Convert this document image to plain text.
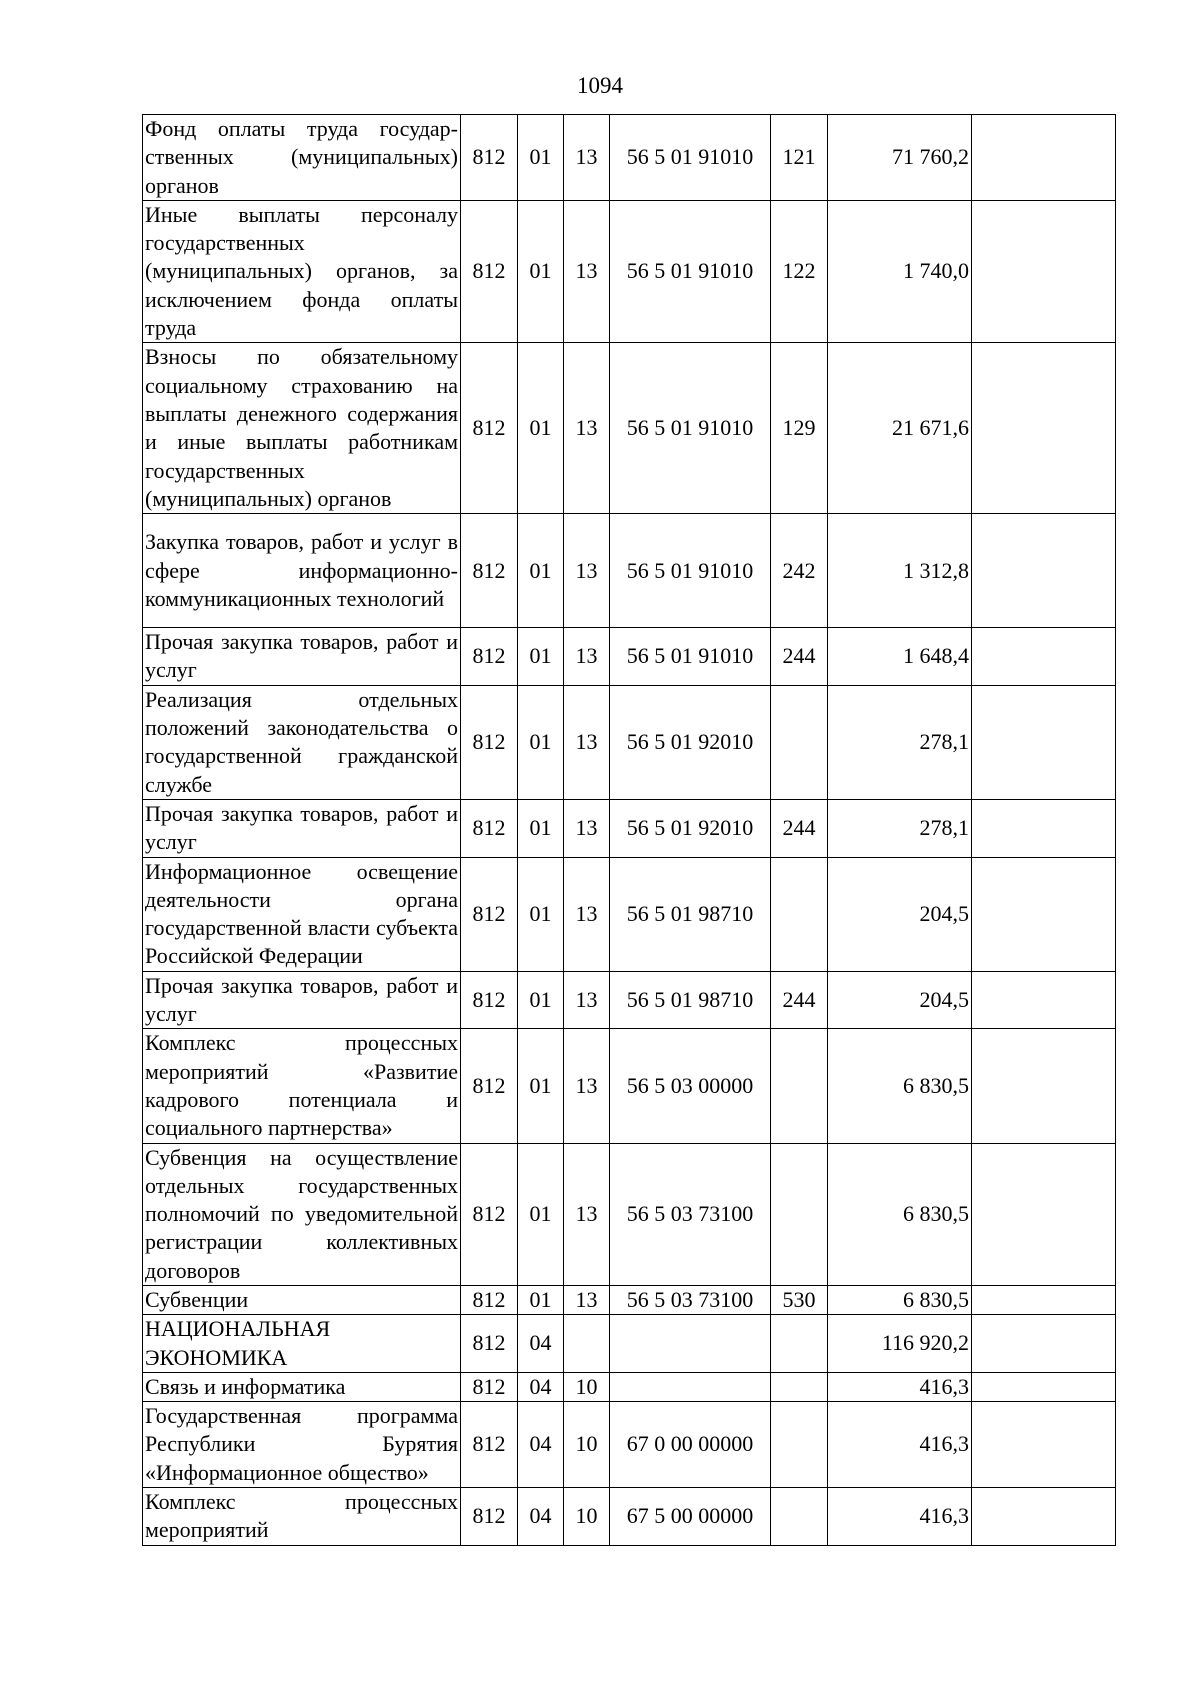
1094
Фонд оплаты труда государ-ственных (муниципальных) органов	812	01	13	56 5 01 91010	121	71 760,2	
Иные выплаты персоналу государственных (муниципальных) органов, за исключением фонда оплаты труда	812	01	13	56 5 01 91010	122	1 740,0	
Взносы по обязательному социальному страхованию на выплаты денежного содержания и иные выплаты работникам государственных (муниципальных) органов	812	01	13	56 5 01 91010	129	21 671,6	
Закупка товаров, работ и услуг в сфере информационно-коммуникационных технологий	812	01	13	56 5 01 91010	242	1 312,8	
Прочая закупка товаров, работ и услуг	812	01	13	56 5 01 91010	244	1 648,4	
Реализация отдельных положений законодательства о государственной гражданской службе	812	01	13	56 5 01 92010		278,1	
Прочая закупка товаров, работ и услуг	812	01	13	56 5 01 92010	244	278,1	
Информационное освещение деятельности органа государственной власти субъекта Российской Федерации	812	01	13	56 5 01 98710		204,5	
Прочая закупка товаров, работ и услуг	812	01	13	56 5 01 98710	244	204,5	
Комплекс процессных мероприятий «Развитие кадрового потенциала и социального партнерства»	812	01	13	56 5 03 00000		6 830,5	
Субвенция на осуществление отдельных государственных полномочий по уведомительной регистрации коллективных договоров	812	01	13	56 5 03 73100		6 830,5	
Субвенции	812	01	13	56 5 03 73100	530	6 830,5	
НАЦИОНАЛЬНАЯ ЭКОНОМИКА	812	04				116 920,2	
Связь и информатика	812	04	10			416,3	
Государственная программа Республики Бурятия «Информационное общество»	812	04	10	67 0 00 00000		416,3	
Комплекс процессных мероприятий	812	04	10	67 5 00 00000		416,3	
